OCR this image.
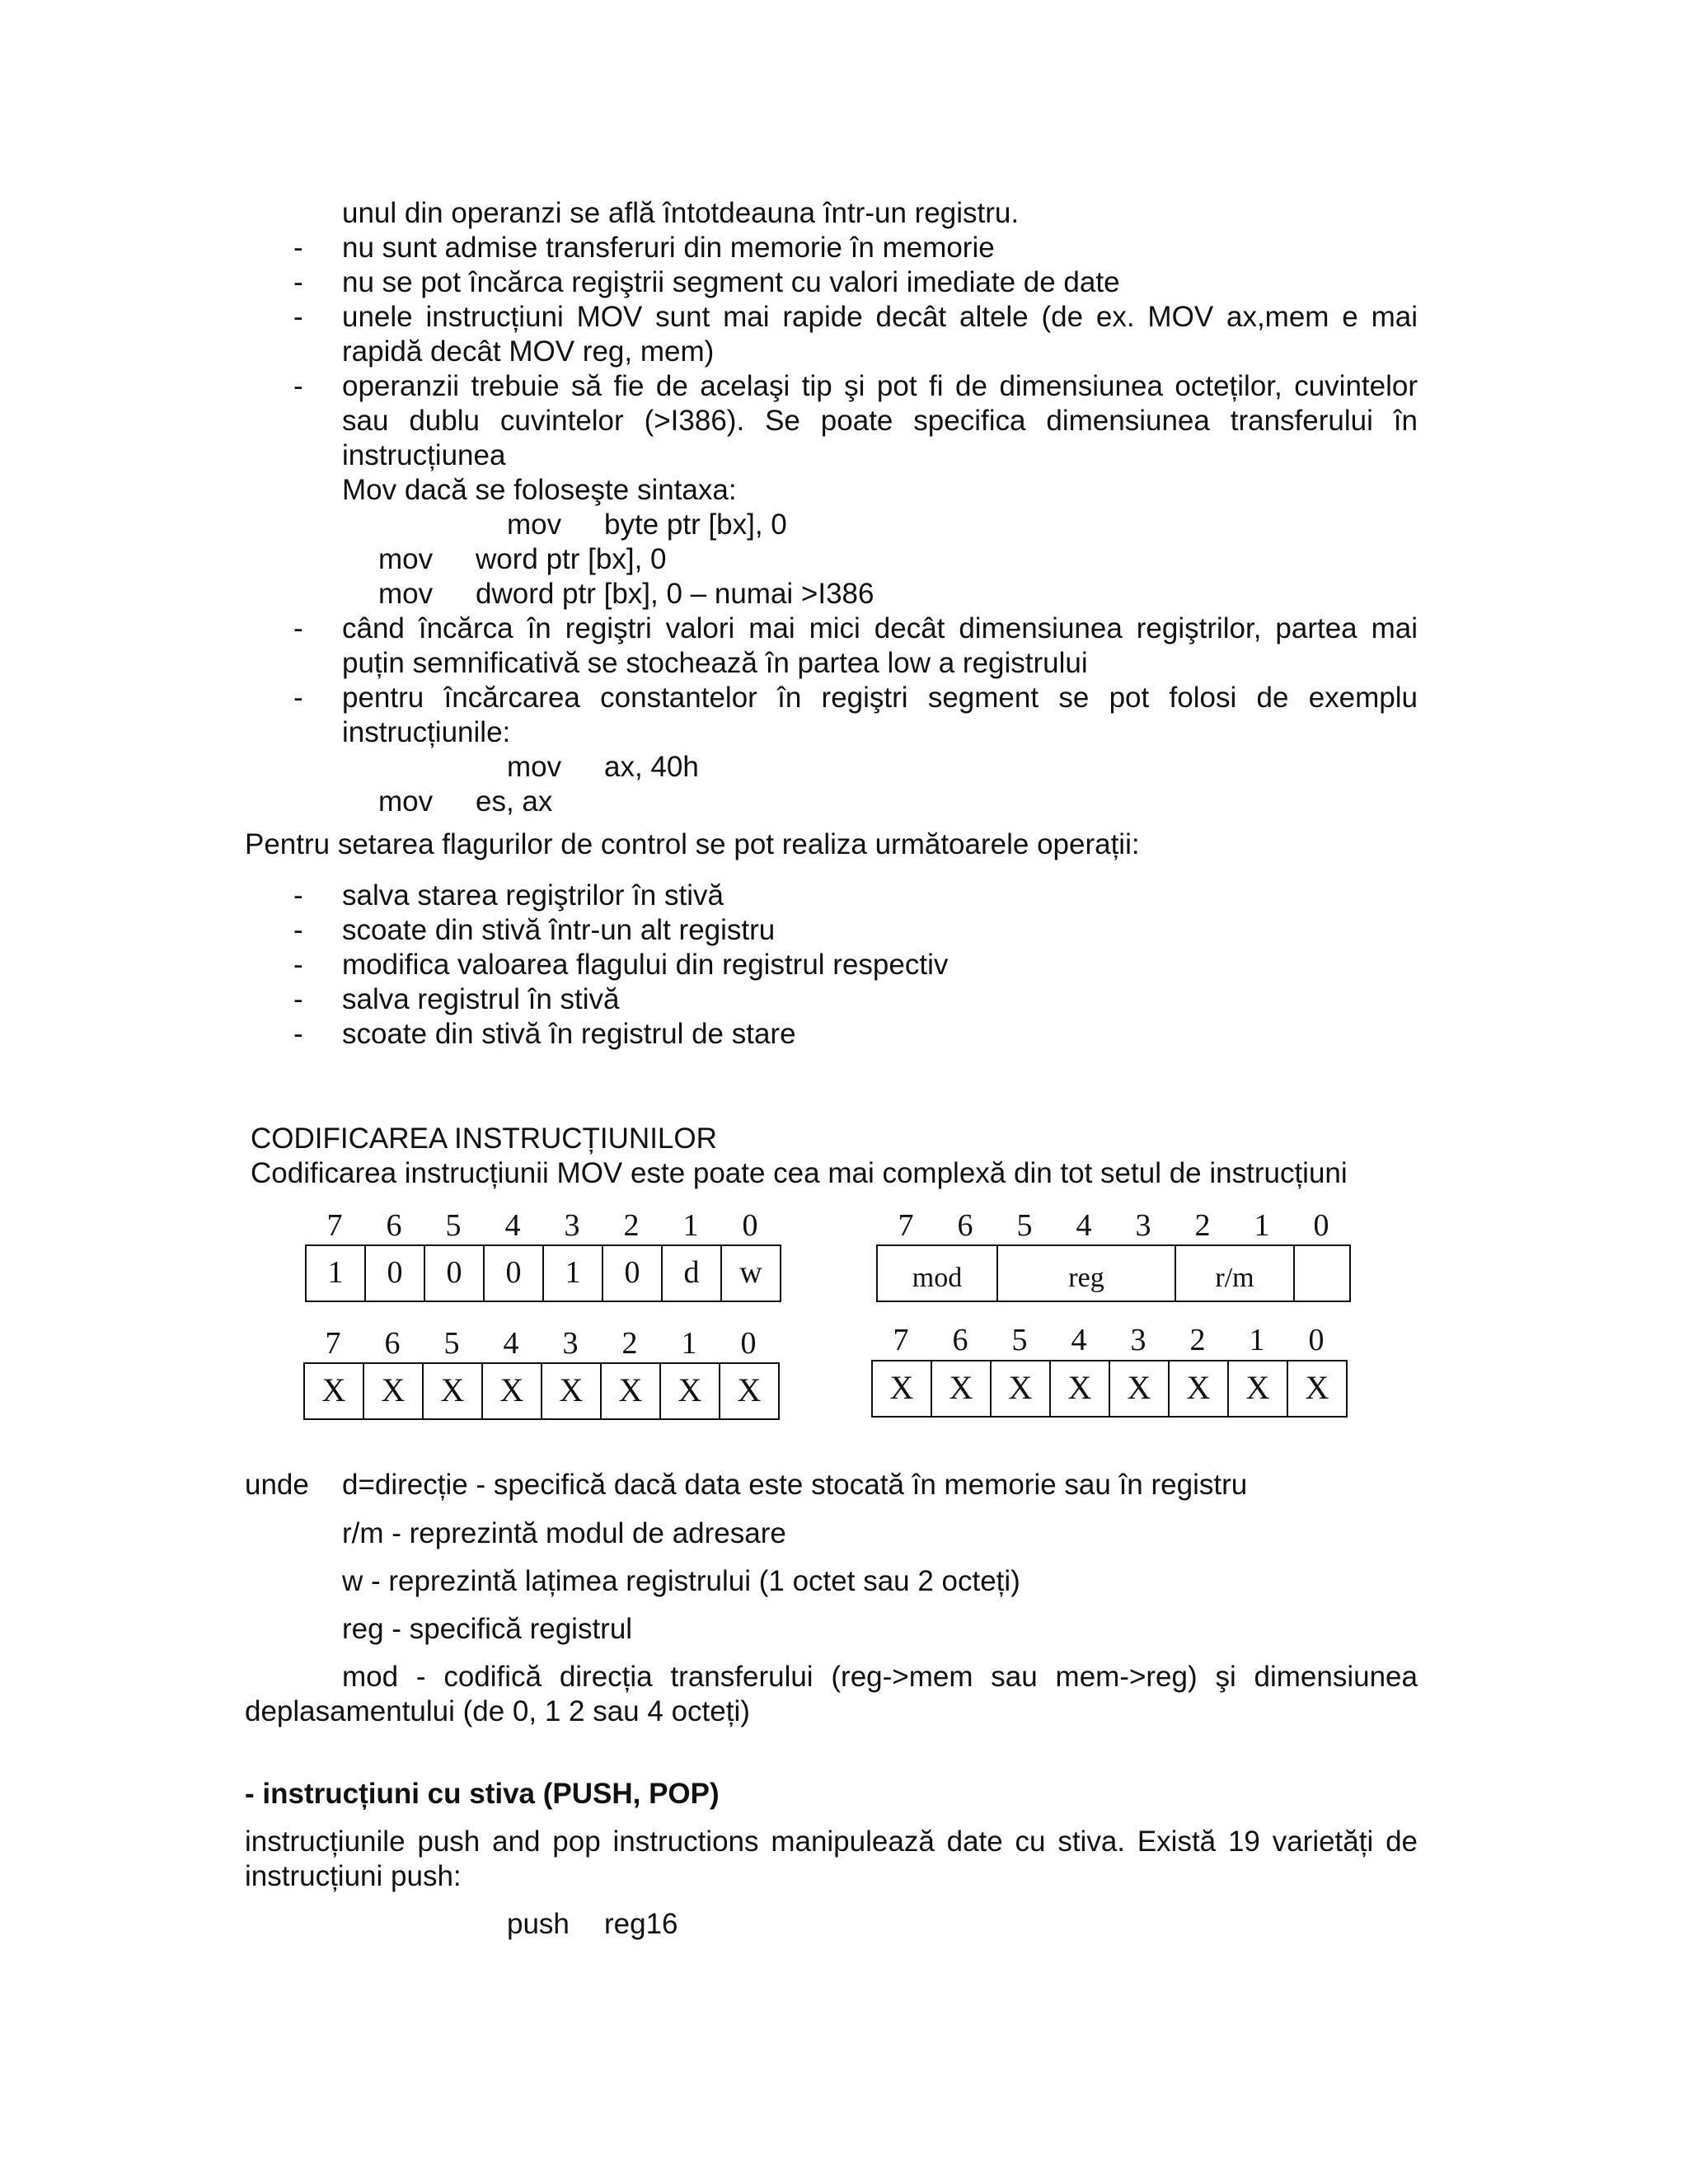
unul din operanzi se află întotdeauna într-un registru.
- nu sunt admise transferuri din memorie în memorie
- nu se pot încărca regiştrii segment cu valori imediate de date
- unele instrucțiuni MOV sunt mai rapide decât altele (de ex. MOV ax,mem e mai
rapidă decât MOV reg, mem)
- operanzii trebuie să fie de acelaşi tip şi pot fi de dimensiunea octeților, cuvintelor
sau dublu cuvintelor (>I386). Se poate specifica dimensiunea transferului în
instrucțiunea
Mov dacă se foloseşte sintaxa:
mov byte ptr [bx], 0
mov word ptr [bx], 0
mov dword ptr [bx], 0 – numai >I386
- când încărca în regiştri valori mai mici decât dimensiunea regiştrilor, partea mai
puțin semnificativă se stochează în partea low a registrului
- pentru încărcarea constantelor în regiştri segment se pot folosi de exemplu
instrucțiunile:
mov ax, 40h
mov es, ax
Pentru setarea flagurilor de control se pot realiza următoarele operații:
- salva starea regiştrilor în stivă
- scoate din stivă într-un alt registru
- modifica valoarea flagului din registrul respectiv
- salva registrul în stivă
- scoate din stivă în registrul de stare
CODIFICAREA INSTRUCȚIUNILOR
Codificarea instrucțiunii MOV este poate cea mai complexă din tot setul de instrucțiuni
7	6	5	4	3	2	1	0
1	0	0	0	1	0	d	w
7	6	5	4	3	2	1	0
mod	reg	r/m
7	6	5	4	3	2	1	0
X	X	X	X	X	X	X	X
7	6	5	4	3	2	1	0
X	X	X	X	X	X	X	X
unde d=direcție - specifică dacă data este stocată în memorie sau în registru
r/m - reprezintă modul de adresare
w - reprezintă lațimea registrului (1 octet sau 2 octeți)
reg - specifică registrul
mod - codifică direcția transferului (reg->mem sau mem->reg) şi dimensiunea
deplasamentului (de 0, 1 2 sau 4 octeți)
- instrucțiuni cu stiva (PUSH, POP)
instrucțiunile push and pop instructions manipulează date cu stiva. Există 19 varietăți de
instrucțiuni push:
push reg16
